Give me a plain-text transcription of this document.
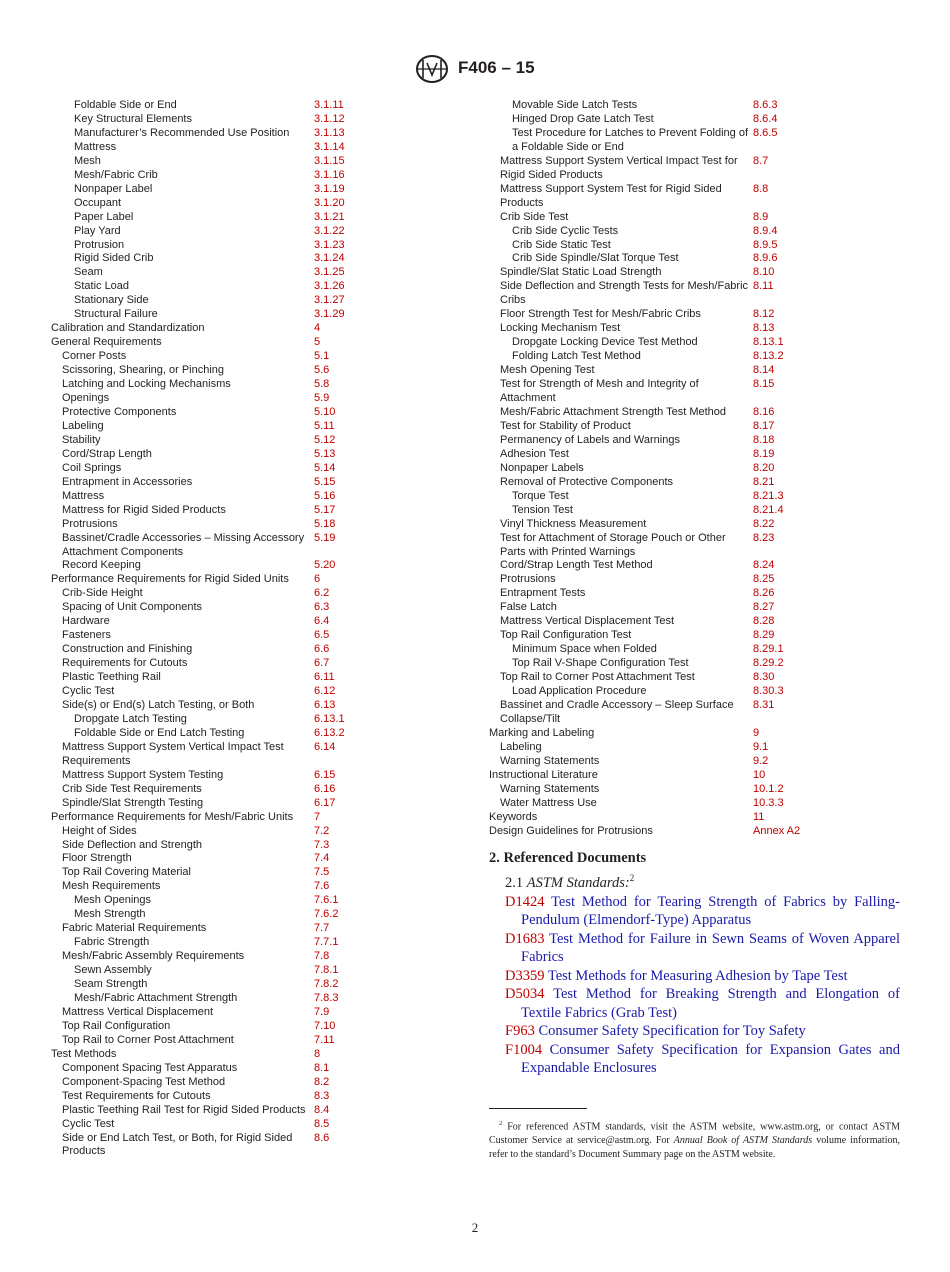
F406 – 15
Foldable Side or End	3.1.11
Key Structural Elements	3.1.12
Manufacturer’s Recommended Use Position	3.1.13
Mattress	3.1.14
Mesh	3.1.15
Mesh/Fabric Crib	3.1.16
Nonpaper Label	3.1.19
Occupant	3.1.20
Paper Label	3.1.21
Play Yard	3.1.22
Protrusion	3.1.23
Rigid Sided Crib	3.1.24
Seam	3.1.25
Static Load	3.1.26
Stationary Side	3.1.27
Structural Failure	3.1.29
Calibration and Standardization	4
General Requirements	5
Corner Posts	5.1
Scissoring, Shearing, or Pinching	5.6
Latching and Locking Mechanisms	5.8
Openings	5.9
Protective Components	5.10
Labeling	5.11
Stability	5.12
Cord/Strap Length	5.13
Coil Springs	5.14
Entrapment in Accessories	5.15
Mattress	5.16
Mattress for Rigid Sided Products	5.17
Protrusions	5.18
Bassinet/Cradle Accessories – Missing Accessory Attachment Components
5.19
Record Keeping	5.20
Performance Requirements for Rigid Sided Units	6
Crib-Side Height	6.2
Spacing of Unit Components	6.3
Hardware	6.4
Fasteners	6.5
Construction and Finishing	6.6
Requirements for Cutouts	6.7
Plastic Teething Rail	6.11
Cyclic Test	6.12
Side(s) or End(s) Latch Testing, or Both	6.13
Dropgate Latch Testing	6.13.1
Foldable Side or End Latch Testing	6.13.2
Mattress Support System Vertical Impact Test Requirements
6.14
Mattress Support System Testing	6.15
Crib Side Test Requirements	6.16
Spindle/Slat Strength Testing	6.17
Performance Requirements for Mesh/Fabric Units	7
Height of Sides	7.2
Side Deflection and Strength	7.3
Floor Strength	7.4
Top Rail Covering Material	7.5
Mesh Requirements	7.6
Mesh Openings	7.6.1
Mesh Strength	7.6.2
Fabric Material Requirements	7.7
Fabric Strength	7.7.1
Mesh/Fabric Assembly Requirements	7.8
Sewn Assembly	7.8.1
Seam Strength	7.8.2
Mesh/Fabric Attachment Strength	7.8.3
Mattress Vertical Displacement	7.9
Top Rail Configuration	7.10
Top Rail to Corner Post Attachment	7.11
Test Methods	8
Component Spacing Test Apparatus	8.1
Component-Spacing Test Method	8.2
Test Requirements for Cutouts	8.3
Plastic Teething Rail Test for Rigid Sided Products 8.4
Cyclic Test	8.5
Side or End Latch Test, or Both, for Rigid Sided Products
8.6
Movable Side Latch Tests	8.6.3
Hinged Drop Gate Latch Test	8.6.4
Test Procedure for Latches to Prevent Folding of a Foldable Side or End
8.6.5
Mattress Support System Vertical Impact Test for Rigid Sided Products
8.7
Mattress Support System Test for Rigid Sided Products
8.8
Crib Side Test	8.9
Crib Side Cyclic Tests	8.9.4
Crib Side Static Test	8.9.5
Crib Side Spindle/Slat Torque Test	8.9.6
Spindle/Slat Static Load Strength	8.10
Side Deflection and Strength Tests for Mesh/Fabric Cribs
8.11
Floor Strength Test for Mesh/Fabric Cribs	8.12
Locking Mechanism Test	8.13
Dropgate Locking Device Test Method	8.13.1
Folding Latch Test Method	8.13.2
Mesh Opening Test	8.14
Test for Strength of Mesh and Integrity of Attachment
8.15
Mesh/Fabric Attachment Strength Test Method	8.16
Test for Stability of Product	8.17
Permanency of Labels and Warnings	8.18
Adhesion Test	8.19
Nonpaper Labels	8.20
Removal of Protective Components	8.21
Torque Test	8.21.3
Tension Test	8.21.4
Vinyl Thickness Measurement	8.22
Test for Attachment of Storage Pouch or Other Parts with Printed Warnings
8.23
Cord/Strap Length Test Method	8.24
Protrusions	8.25
Entrapment Tests	8.26
False Latch	8.27
Mattress Vertical Displacement Test	8.28
Top Rail Configuration Test	8.29
Minimum Space when Folded	8.29.1
Top Rail V-Shape Configuration Test	8.29.2
Top Rail to Corner Post Attachment Test	8.30
Load Application Procedure	8.30.3
Bassinet and Cradle Accessory – Sleep Surface Collapse/Tilt
8.31
Marking and Labeling	9
Labeling	9.1
Warning Statements	9.2
Instructional Literature	10
Warning Statements	10.1.2
Water Mattress Use	10.3.3
Keywords	11
Design Guidelines for Protrusions	Annex A2
2. Referenced Documents
2.1 ASTM Standards:$^2$
D1424 Test Method for Tearing Strength of Fabrics by Falling-Pendulum (Elmendorf-Type) Apparatus
D1683 Test Method for Failure in Sewn Seams of Woven Apparel Fabrics
D3359 Test Methods for Measuring Adhesion by Tape Test
D5034 Test Method for Breaking Strength and Elongation of Textile Fabrics (Grab Test)
F963 Consumer Safety Specification for Toy Safety
F1004 Consumer Safety Specification for Expansion Gates and Expandable Enclosures
$^2$ For referenced ASTM standards, visit the ASTM website, www.astm.org, or contact ASTM Customer Service at service@astm.org. For Annual Book of ASTM Standards volume information, refer to the standard’s Document Summary page on the ASTM website.
2
